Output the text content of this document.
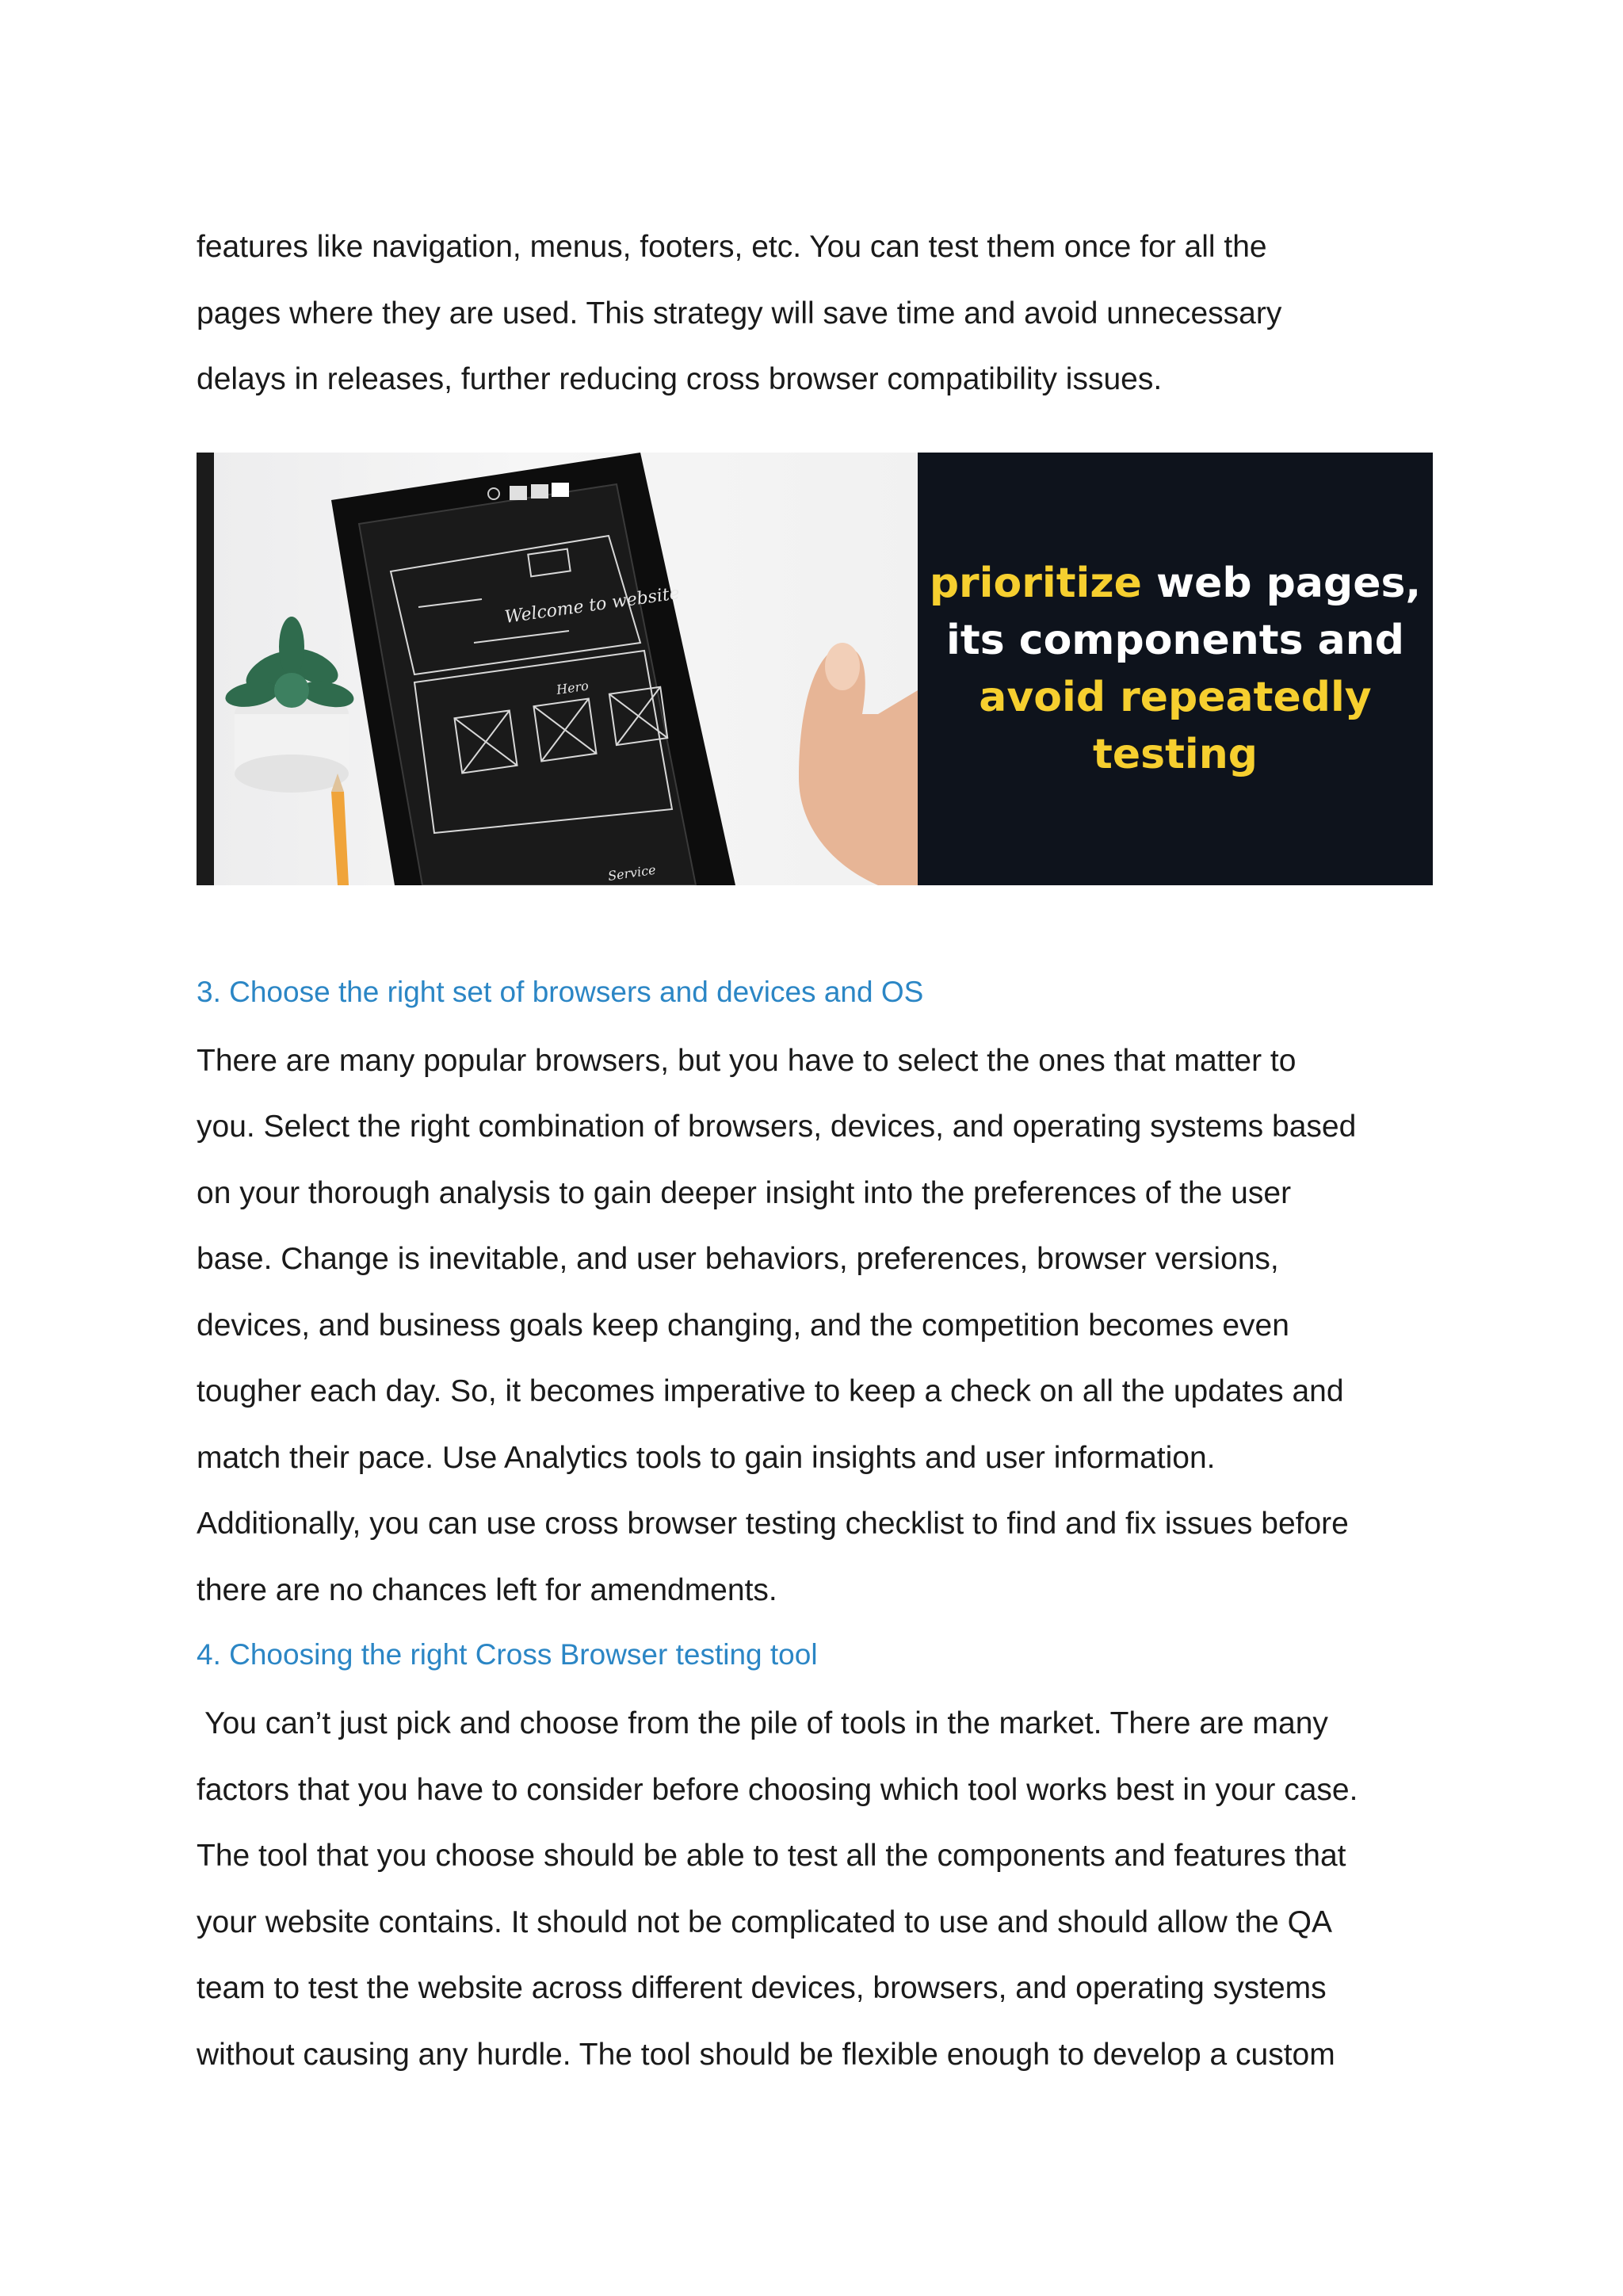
features like navigation, menus, footers, etc. You can test them once for all the

pages where they are used. This strategy will save time and avoid unnecessary

delays in releases, further reducing cross browser compatibility issues.

Welcome to website
Hero
Service
prioritize web pages,
its components and
avoid repeatedly
testing

3. Choose the right set of browsers and devices and OS

There are many popular browsers, but you have to select the ones that matter to

you. Select the right combination of browsers, devices, and operating systems based

on your thorough analysis to gain deeper insight into the preferences of the user

base. Change is inevitable, and user behaviors, preferences, browser versions,

devices, and business goals keep changing, and the competition becomes even

tougher each day. So, it becomes imperative to keep a check on all the updates and

match their pace. Use Analytics tools to gain insights and user information.

Additionally, you can use cross browser testing checklist to find and fix issues before

there are no chances left for amendments.

4. Choosing the right Cross Browser testing tool

You can’t just pick and choose from the pile of tools in the market. There are many

factors that you have to consider before choosing which tool works best in your case.

The tool that you choose should be able to test all the components and features that

your website contains. It should not be complicated to use and should allow the QA

team to test the website across different devices, browsers, and operating systems

without causing any hurdle. The tool should be flexible enough to develop a custom
